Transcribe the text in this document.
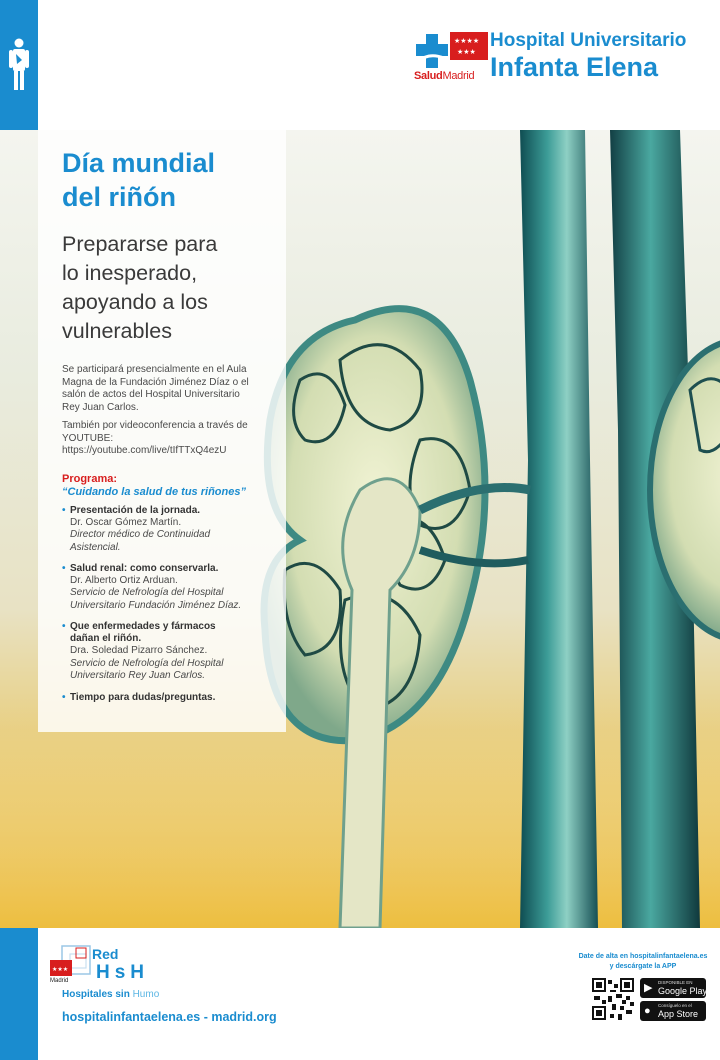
★★★★
★★★
SaludMadrid
Hospital Universitario
Infanta Elena
Día mundial
del riñón
Prepararse para
lo inesperado,
apoyando a los
vulnerables
Se participará presencialmente en el Aula
Magna de la Fundación Jiménez Díaz o el
salón de actos del Hospital Universitario
Rey Juan Carlos.
También por videoconferencia a través de
YOUTUBE:
https://youtube.com/live/tIfTTxQ4ezU
Programa:
“Cuidando la salud de tus riñones”
• Presentación de la jornada.
Dr. Oscar Gómez Martín.
Director médico de Continuidad
Asistencial.
• Salud renal: como conservarla.
Dr. Alberto Ortiz Arduan.
Servicio de Nefrología del Hospital
Universitario Fundación Jiménez Díaz.
• Que enfermedades y fármacos
dañan el riñón.
Dra. Soledad Pizarro Sánchez.
Servicio de Nefrología del Hospital
Universitario Rey Juan Carlos.
• Tiempo para dudas/preguntas.
★★★
Madrid
Red
HsH
Hospitales sin Humo
hospitalinfantaelena.es - madrid.org
Date de alta en hospitalinfantaelena.es
y descárgate la APP
▶ DISPONIBLE EN
Google Play
● Consíguelo en el
App Store
